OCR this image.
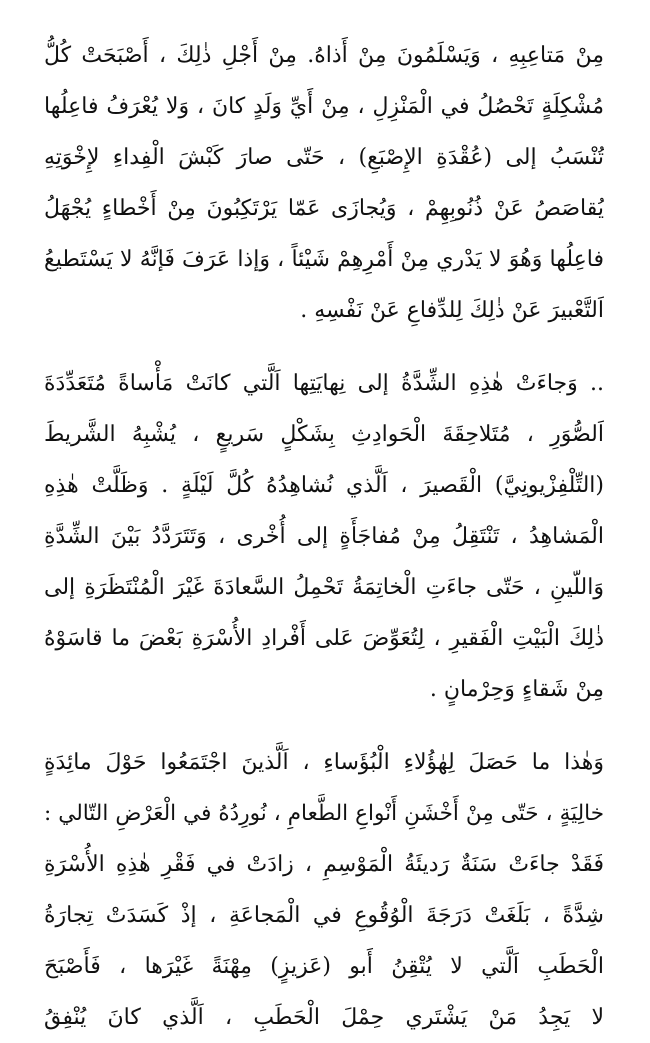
مِنْ مَتاعِبِهِ ، وَيَسْلَمُونَ مِنْ أَذاهُ. مِنْ أَجْلِ ذٰلِكَ ، أَصْبَحَتْ كُلُّ
مُشْكِلَةٍ تَحْصُلُ في الْمَنْزِلِ ، مِنْ أَيِّ وَلَدٍ كانَ ، وَلا يُعْرَفُ فاعِلُها
تُنْسَبُ إلى (عُقْدَةِ الإِصْبَعِ) ، حَتّى صارَ كَبْشَ الْفِداءِ لإِخْوَتِهِ
يُقاصَصُ عَنْ ذُنُوبِهِمْ ، وَيُجازَى عَمّا يَرْتَكِبُونَ مِنْ أَخْطاءٍ يُجْهَلُ
فاعِلُها وَهُوَ لا يَدْري مِنْ أَمْرِهِمْ شَيْئاً ، وَإذا عَرَفَ فَإنَّهُ لا يَسْتَطيعُ
اَلتَّعْبيرَ عَنْ ذٰلِكَ لِلدِّفاعِ عَنْ نَفْسِهِ .
.. وَجاءَتْ هٰذِهِ الشِّدَّةُ إلى نِهايَتِها اَلَّتي كانَتْ مَأْساةً مُتَعَدِّدَةَ
اَلصُّوَرِ ، مُتَلاحِقَةَ الْحَوادِثِ بِشَكْلٍ سَريعٍ ، يُشْبِهُ الشَّريطَ
(التِّلْفِزْيونِيَّ) الْقَصيرَ ، اَلَّذي نُشاهِدُهُ كُلَّ لَيْلَةٍ . وَظَلَّتْ هٰذِهِ
الْمَشاهِدُ ، تَنْتَقِلُ مِنْ مُفاجَأَةٍ إلى أُخْرى ، وَتَتَرَدَّدُ بَيْنَ الشِّدَّةِ
وَاللّينِ ، حَتّى جاءَتِ الْخاتِمَةُ تَحْمِلُ السَّعادَةَ غَيْرَ الْمُنْتَظَرَةِ إلى
ذٰلِكَ الْبَيْتِ الْفَقيرِ ، لِتُعَوِّضَ عَلى أَفْرادِ الأُسْرَةِ بَعْضَ ما قاسَوْهُ
مِنْ شَقاءٍ وَحِرْمانٍ .
وَهٰذا ما حَصَلَ لِهٰؤُلاءِ الْبُؤَساءِ ، اَلَّذينَ اجْتَمَعُوا حَوْلَ مائِدَةٍ
خالِيَةٍ ، حَتّى مِنْ أَخْشَنِ أَنْواعِ الطَّعامِ ، نُورِدُهُ في الْعَرْضِ التّالي :
فَقَدْ جاءَتْ سَنَةٌ رَديئَةُ الْمَوْسِمِ ، زادَتْ في فَقْرِ هٰذِهِ الأُسْرَةِ
شِدَّةً ، بَلَغَتْ دَرَجَةَ الْوُقُوعِ في الْمَجاعَةِ ، إذْ كَسَدَتْ تِجارَةُ
الْحَطَبِ اَلَّتي لا يُتْقِنُ أَبو (عَزيزٍ) مِهْنَةً غَيْرَها ، فَأَصْبَحَ
لا يَجِدُ مَنْ يَشْتَري حِمْلَ الْحَطَبِ ، اَلَّذي كانَ يُنْفِقُ
